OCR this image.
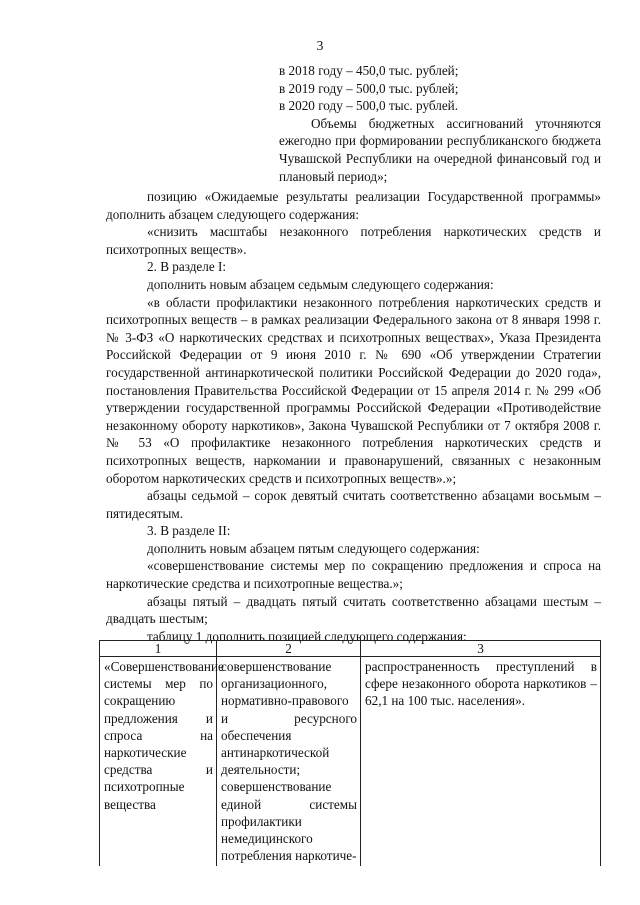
3
в 2018 году – 450,0 тыс. рублей;
в 2019 году – 500,0 тыс. рублей;
в 2020 году – 500,0 тыс. рублей.
Объемы бюджетных ассигнований уточняются ежегодно при формировании республиканского бюджета Чувашской Республики на очередной финансовый год и плановый период»;

позицию «Ожидаемые результаты реализации Государственной программы» дополнить абзацем следующего содержания:

«снизить масштабы незаконного потребления наркотических средств и психотропных веществ».

2. В разделе I:

дополнить новым абзацем седьмым следующего содержания:

«в области профилактики незаконного потребления наркотических средств и психотропных веществ – в рамках реализации Федерального закона от 8 января 1998 г. № 3-ФЗ «О наркотических средствах и психотропных веществах», Указа Президента Российской Федерации от 9 июня 2010 г. № 690 «Об утверждении Стратегии государственной антинаркотической политики Российской Федерации до 2020 года», постановления Правительства Российской Федерации от 15 апреля 2014 г. № 299 «Об утверждении государственной программы Российской Федерации «Противодействие незаконному обороту наркотиков», Закона Чувашской Республики от 7 октября 2008 г. № 53 «О профилактике незаконного потребления наркотических средств и психотропных веществ, наркомании и правонарушений, связанных с незаконным оборотом наркотических средств и психотропных веществ».»;

абзацы седьмой – сорок девятый считать соответственно абзацами восьмым – пятидесятым.

3. В разделе II:

дополнить новым абзацем пятым следующего содержания:

«совершенствование системы мер по сокращению предложения и спроса на наркотические средства и психотропные вещества.»;

абзацы пятый – двадцать пятый считать соответственно абзацами шестым – двадцать шестым;

таблицу 1 дополнить позицией следующего содержания:

1	2	3
«Совершенствование системы мер по сокращению предложения и спроса на наркотические средства и психотропные вещества	совершенствование организационного, нормативно-правового и ресурсного обеспечения антинаркотической деятельности; совершенствование единой системы профилактики немедицинского потребления наркотиче-	распространенность преступлений в сфере незаконного оборота наркотиков – 62,1 на 100 тыс. населения».
